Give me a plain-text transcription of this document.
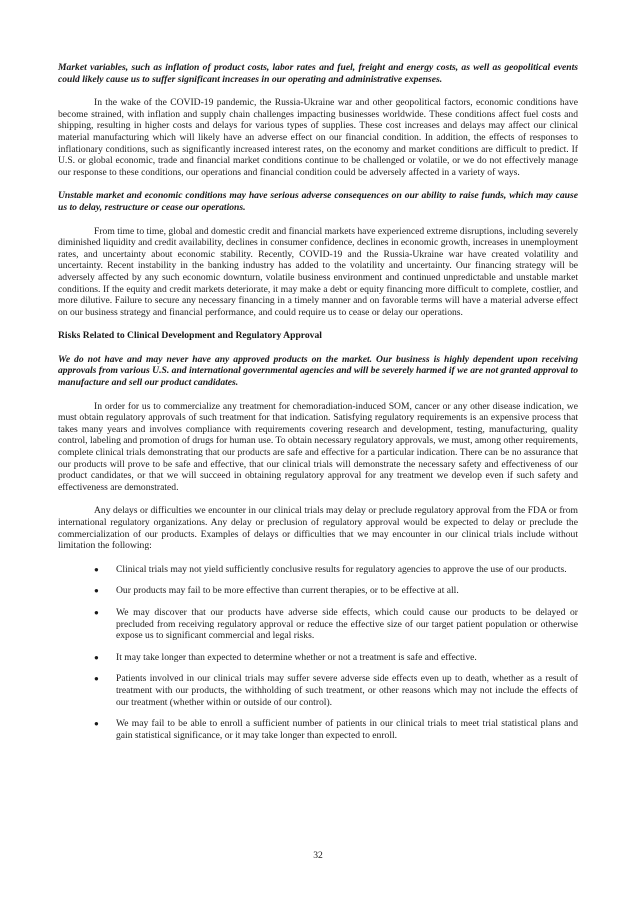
Market variables, such as inflation of product costs, labor rates and fuel, freight and energy costs, as well as geopolitical events could likely cause us to suffer significant increases in our operating and administrative expenses.

In the wake of the COVID-19 pandemic, the Russia-Ukraine war and other geopolitical factors, economic conditions have become strained, with inflation and supply chain challenges impacting businesses worldwide. These conditions affect fuel costs and shipping, resulting in higher costs and delays for various types of supplies. These cost increases and delays may affect our clinical material manufacturing which will likely have an adverse effect on our financial condition. In addition, the effects of responses to inflationary conditions, such as significantly increased interest rates, on the economy and market conditions are difficult to predict. If U.S. or global economic, trade and financial market conditions continue to be challenged or volatile, or we do not effectively manage our response to these conditions, our operations and financial condition could be adversely affected in a variety of ways.

Unstable market and economic conditions may have serious adverse consequences on our ability to raise funds, which may cause us to delay, restructure or cease our operations.

From time to time, global and domestic credit and financial markets have experienced extreme disruptions, including severely diminished liquidity and credit availability, declines in consumer confidence, declines in economic growth, increases in unemployment rates, and uncertainty about economic stability. Recently, COVID-19 and the Russia-Ukraine war have created volatility and uncertainty. Recent instability in the banking industry has added to the volatility and uncertainty. Our financing strategy will be adversely affected by any such economic downturn, volatile business environment and continued unpredictable and unstable market conditions. If the equity and credit markets deteriorate, it may make a debt or equity financing more difficult to complete, costlier, and more dilutive. Failure to secure any necessary financing in a timely manner and on favorable terms will have a material adverse effect on our business strategy and financial performance, and could require us to cease or delay our operations.

Risks Related to Clinical Development and Regulatory Approval

We do not have and may never have any approved products on the market. Our business is highly dependent upon receiving approvals from various U.S. and international governmental agencies and will be severely harmed if we are not granted approval to manufacture and sell our product candidates.

In order for us to commercialize any treatment for chemoradiation-induced SOM, cancer or any other disease indication, we must obtain regulatory approvals of such treatment for that indication. Satisfying regulatory requirements is an expensive process that takes many years and involves compliance with requirements covering research and development, testing, manufacturing, quality control, labeling and promotion of drugs for human use. To obtain necessary regulatory approvals, we must, among other requirements, complete clinical trials demonstrating that our products are safe and effective for a particular indication. There can be no assurance that our products will prove to be safe and effective, that our clinical trials will demonstrate the necessary safety and effectiveness of our product candidates, or that we will succeed in obtaining regulatory approval for any treatment we develop even if such safety and effectiveness are demonstrated.

Any delays or difficulties we encounter in our clinical trials may delay or preclude regulatory approval from the FDA or from international regulatory organizations. Any delay or preclusion of regulatory approval would be expected to delay or preclude the commercialization of our products. Examples of delays or difficulties that we may encounter in our clinical trials include without limitation the following:

● Clinical trials may not yield sufficiently conclusive results for regulatory agencies to approve the use of our products.
● Our products may fail to be more effective than current therapies, or to be effective at all.
● We may discover that our products have adverse side effects, which could cause our products to be delayed or precluded from receiving regulatory approval or reduce the effective size of our target patient population or otherwise expose us to significant commercial and legal risks.
● It may take longer than expected to determine whether or not a treatment is safe and effective.
● Patients involved in our clinical trials may suffer severe adverse side effects even up to death, whether as a result of treatment with our products, the withholding of such treatment, or other reasons which may not include the effects of our treatment (whether within or outside of our control).
● We may fail to be able to enroll a sufficient number of patients in our clinical trials to meet trial statistical plans and gain statistical significance, or it may take longer than expected to enroll.
32
